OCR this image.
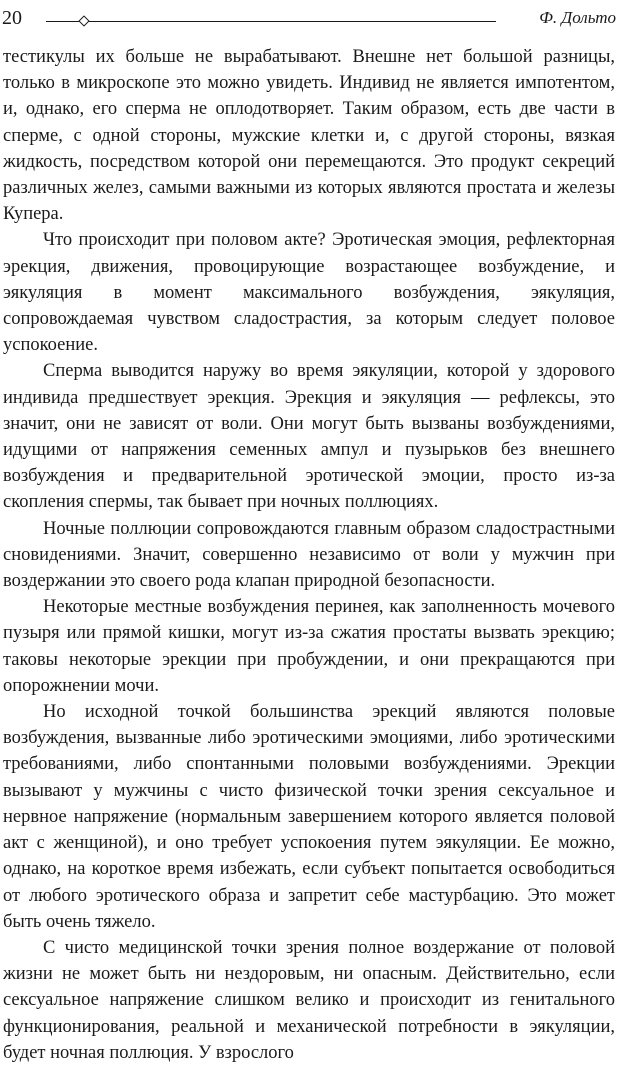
20	Ф. Дольто

тестикулы их больше не вырабатывают. Внешне нет большой разницы, только в микроскопе это можно увидеть. Индивид не является импотентом, и, однако, его сперма не оплодотворяет. Таким образом, есть две части в сперме, с одной стороны, мужские клетки и, с другой стороны, вязкая жидкость, посредством которой они перемещаются. Это продукт секреций различных желез, самыми важными из которых являются простата и железы Купера.

Что происходит при половом акте? Эротическая эмоция, рефлекторная эрекция, движения, провоцирующие возрастающее возбуждение, и эякуляция в момент максимального возбуждения, эякуляция, сопровождаемая чувством сладострастия, за которым следует половое успокоение.

Сперма выводится наружу во время эякуляции, которой у здорового индивида предшествует эрекция. Эрекция и эякуляция — рефлексы, это значит, они не зависят от воли. Они могут быть вызваны возбуждениями, идущими от напряжения семенных ампул и пузырьков без внешнего возбуждения и предварительной эротической эмоции, просто из-за скопления спермы, так бывает при ночных поллюциях.

Ночные поллюции сопровождаются главным образом сладострастными сновидениями. Значит, совершенно независимо от воли у мужчин при воздержании это своего рода клапан природной безопасности.

Некоторые местные возбуждения перинея, как заполненность мочевого пузыря или прямой кишки, могут из-за сжатия простаты вызвать эрекцию; таковы некоторые эрекции при пробуждении, и они прекращаются при опорожнении мочи.

Но исходной точкой большинства эрекций являются половые возбуждения, вызванные либо эротическими эмоциями, либо эротическими требованиями, либо спонтанными половыми возбуждениями. Эрекции вызывают у мужчины с чисто физической точки зрения сексуальное и нервное напряжение (нормальным завершением которого является половой акт с женщиной), и оно требует успокоения путем эякуляции. Ее можно, однако, на короткое время избежать, если субъект попытается освободиться от любого эротического образа и запретит себе мастурбацию. Это может быть очень тяжело.

С чисто медицинской точки зрения полное воздержание от половой жизни не может быть ни нездоровым, ни опасным. Действительно, если сексуальное напряжение слишком велико и происходит из генитального функционирования, реальной и механической потребности в эякуляции, будет ночная поллюция. У взрослого
